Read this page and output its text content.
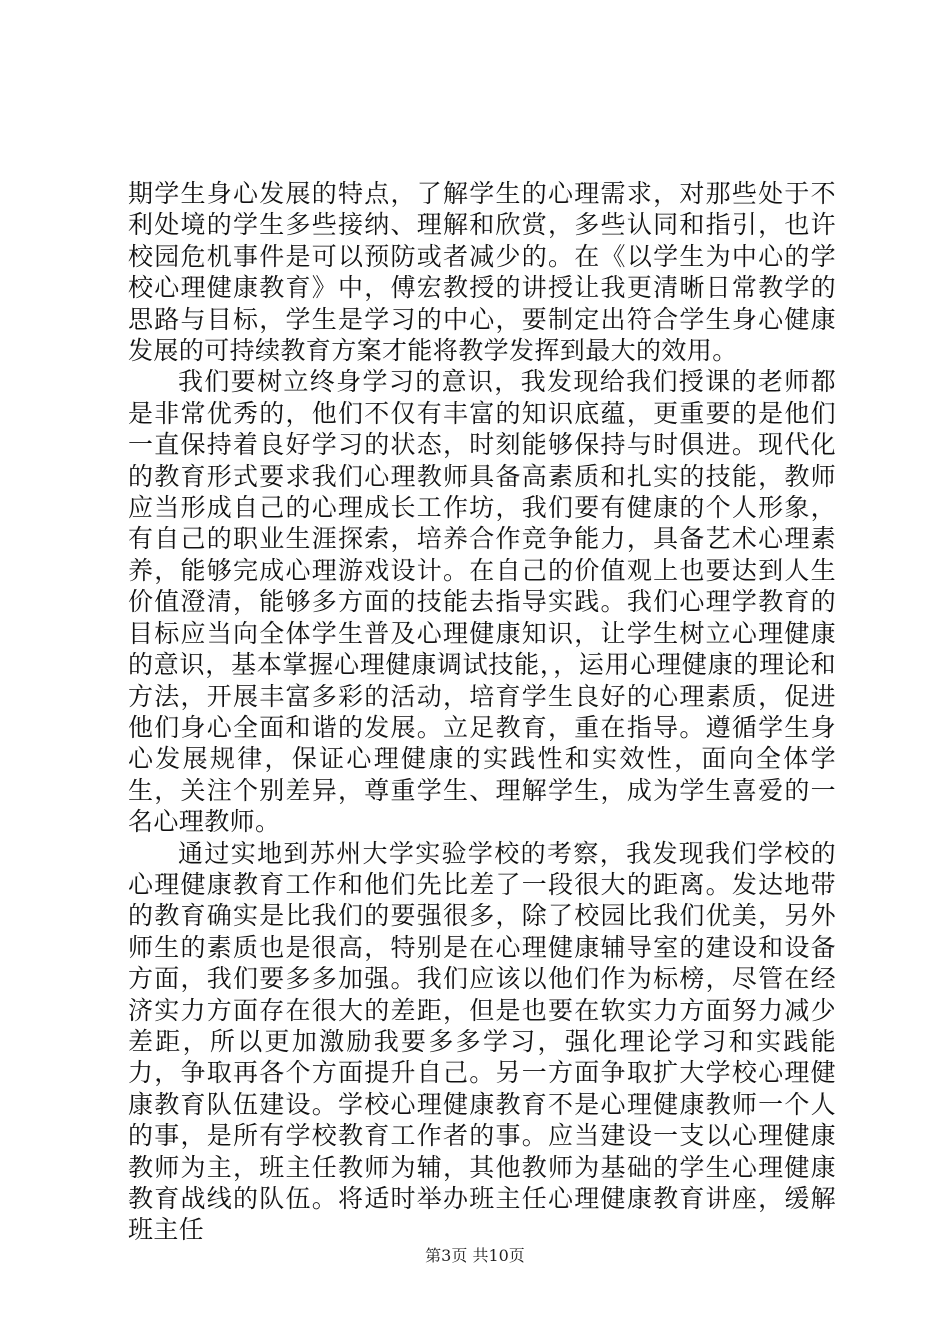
期学生身心发展的特点，了解学生的心理需求，对那些处于不利处境的学生多些接纳、理解和欣赏，多些认同和指引，也许校园危机事件是可以预防或者减少的。在《以学生为中心的学校心理健康教育》中，傅宏教授的讲授让我更清晰日常教学的思路与目标，学生是学习的中心，要制定出符合学生身心健康发展的可持续教育方案才能将教学发挥到最大的效用。

我们要树立终身学习的意识，我发现给我们授课的老师都是非常优秀的，他们不仅有丰富的知识底蕴，更重要的是他们一直保持着良好学习的状态，时刻能够保持与时俱进。现代化的教育形式要求我们心理教师具备高素质和扎实的技能，教师应当形成自己的心理成长工作坊，我们要有健康的个人形象，有自己的职业生涯探索，培养合作竞争能力，具备艺术心理素养，能够完成心理游戏设计。在自己的价值观上也要达到人生价值澄清，能够多方面的技能去指导实践。我们心理学教育的目标应当向全体学生普及心理健康知识，让学生树立心理健康的意识，基本掌握心理健康调试技能，，运用心理健康的理论和方法，开展丰富多彩的活动，培育学生良好的心理素质，促进他们身心全面和谐的发展。立足教育，重在指导。遵循学生身心发展规律，保证心理健康的实践性和实效性，面向全体学生，关注个别差异，尊重学生、理解学生，成为学生喜爱的一名心理教师。

通过实地到苏州大学实验学校的考察，我发现我们学校的心理健康教育工作和他们先比差了一段很大的距离。发达地带的教育确实是比我们的要强很多，除了校园比我们优美，另外师生的素质也是很高，特别是在心理健康辅导室的建设和设备方面，我们要多多加强。我们应该以他们作为标榜，尽管在经济实力方面存在很大的差距，但是也要在软实力方面努力减少差距，所以更加激励我要多多学习，强化理论学习和实践能力，争取再各个方面提升自己。另一方面争取扩大学校心理健康教育队伍建设。学校心理健康教育不是心理健康教师一个人的事，是所有学校教育工作者的事。应当建设一支以心理健康教师为主，班主任教师为辅，其他教师为基础的学生心理健康教育战线的队伍。将适时举办班主任心理健康教育讲座，缓解班主任

第3页 共10页
